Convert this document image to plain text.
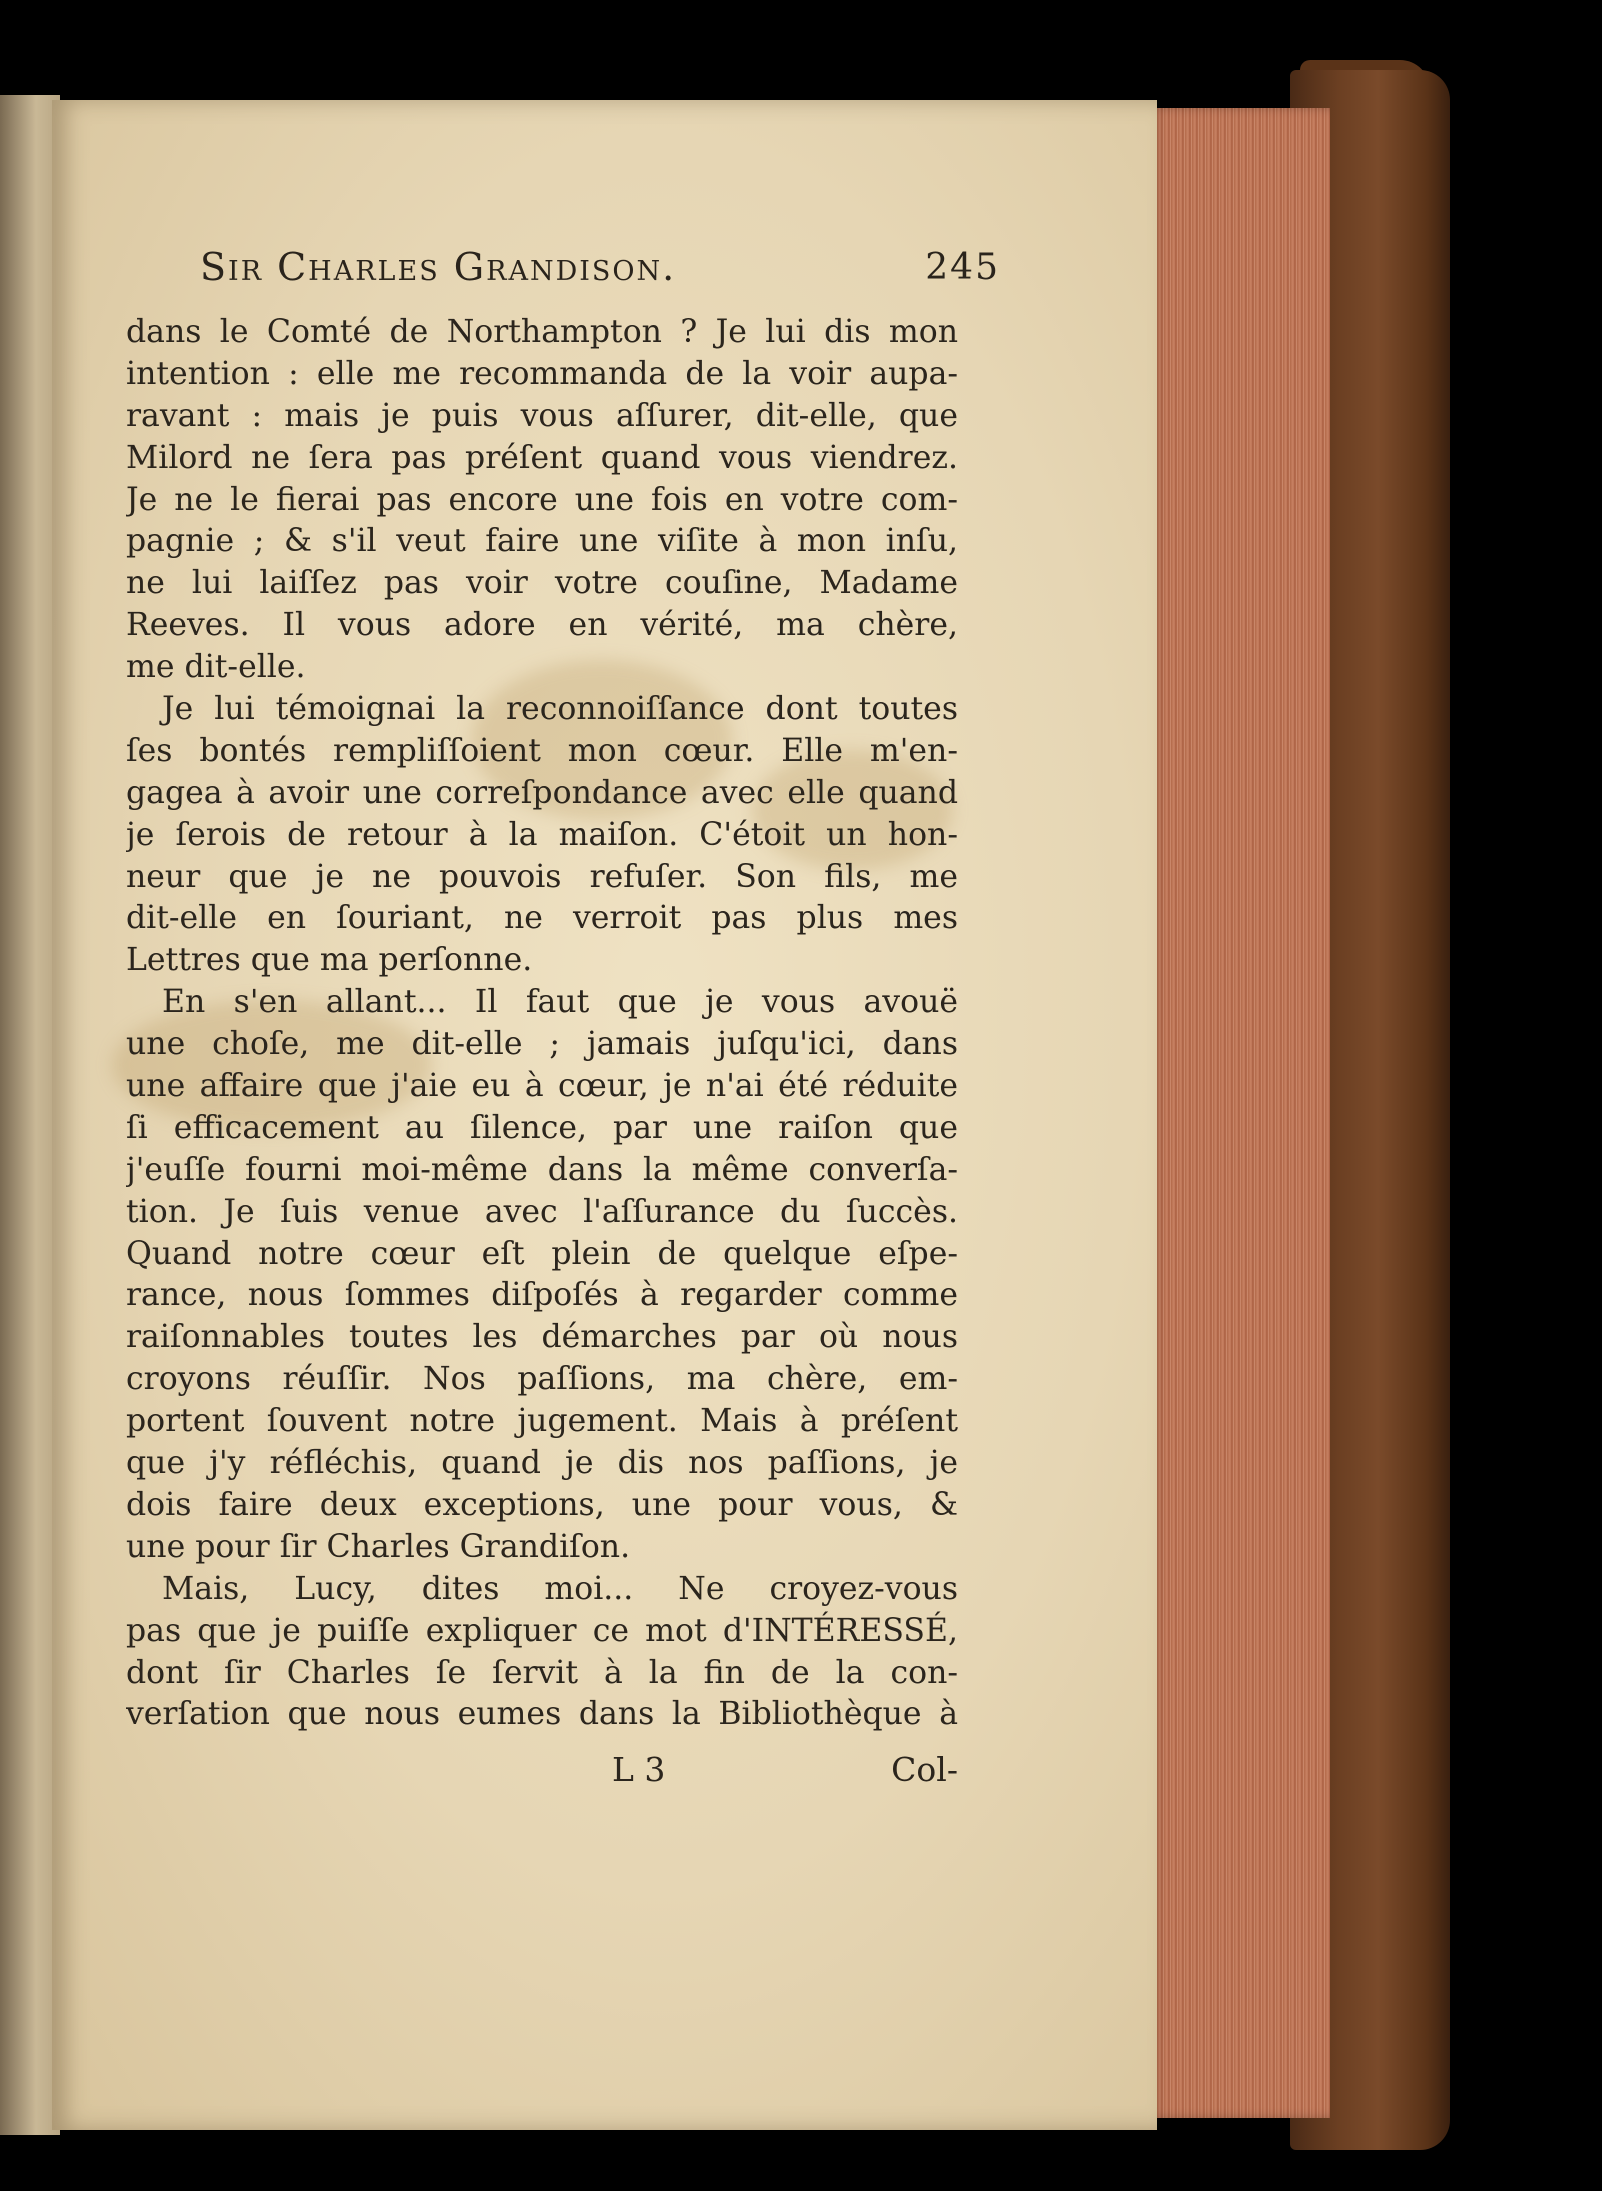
Sir Charles Grandison.	245
dans le Comté de Northampton ? Je lui dis mon
intention : elle me recommanda de la voir aupa-
ravant : mais je puis vous aſſurer, dit-elle, que
Milord ne ſera pas préſent quand vous viendrez.
Je ne le fierai pas encore une fois en votre com-
pagnie ; & s'il veut faire une viſite à mon inſu,
ne lui laiſſez pas voir votre couſine, Madame
Reeves. Il vous adore en vérité, ma chère,
me dit-elle.
Je lui témoignai la reconnoiſſance dont toutes
ſes bontés rempliſſoient mon cœur. Elle m'en-
gagea à avoir une correſpondance avec elle quand
je ſerois de retour à la maiſon. C'étoit un hon-
neur que je ne pouvois refuſer. Son fils, me
dit-elle en ſouriant, ne verroit pas plus mes
Lettres que ma perſonne.
En s'en allant... Il faut que je vous avouë
une choſe, me dit-elle ; jamais juſqu'ici, dans
une affaire que j'aie eu à cœur, je n'ai été réduite
ſi efficacement au ſilence, par une raiſon que
j'euſſe fourni moi-même dans la même converſa-
tion. Je ſuis venue avec l'aſſurance du ſuccès.
Quand notre cœur eſt plein de quelque eſpe-
rance, nous ſommes diſpoſés à regarder comme
raiſonnables toutes les démarches par où nous
croyons réuſſir. Nos paſſions, ma chère, em-
portent ſouvent notre jugement. Mais à préſent
que j'y réfléchis, quand je dis nos paſſions, je
dois faire deux exceptions, une pour vous, &
une pour ſir Charles Grandiſon.
Mais, Lucy, dites moi... Ne croyez-vous
pas que je puiſſe expliquer ce mot d'INTÉRESSÉ,
dont ſir Charles ſe ſervit à la fin de la con-
verſation que nous eumes dans la Bibliothèque à
L 3	Col-
